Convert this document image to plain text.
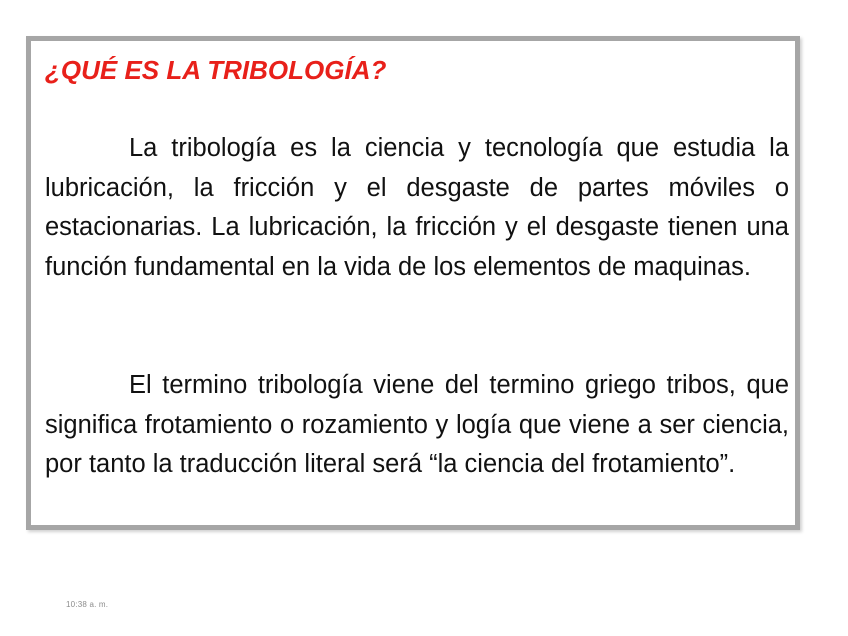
¿QUÉ ES LA TRIBOLOGÍA?

La tribología es la ciencia y tecnología que estudia la lubricación, la fricción y el desgaste de partes móviles o estacionarias. La lubricación, la fricción y el desgaste tienen una función fundamental en la vida de los elementos de maquinas.

El termino tribología viene del termino griego tribos, que significa frotamiento o rozamiento y logía que viene a ser ciencia, por tanto la traducción literal será “la ciencia del frotamiento”.

10:38 a. m.
